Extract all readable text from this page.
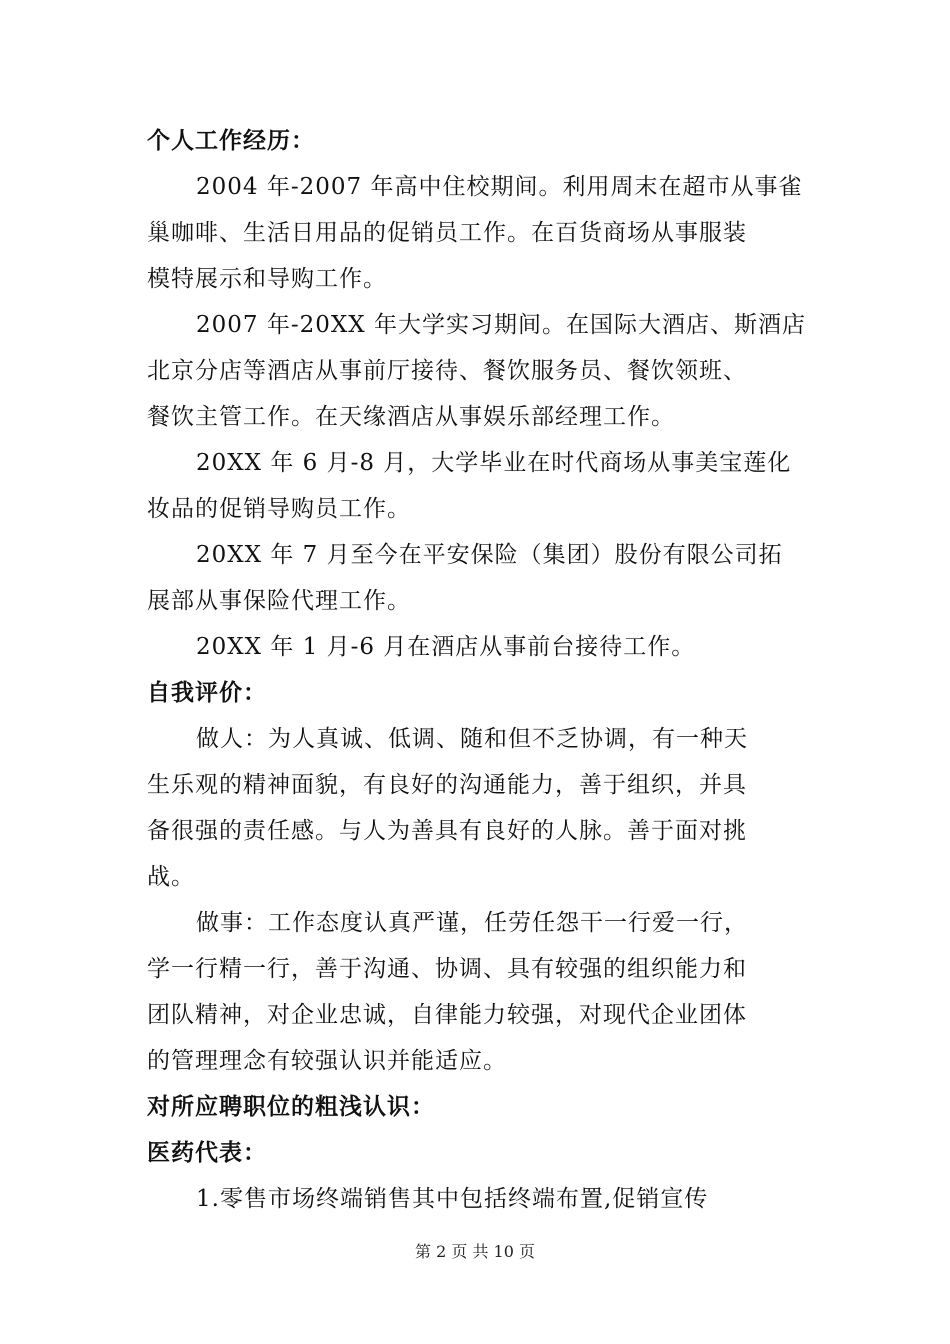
个人工作经历：
2004 年-2007 年高中住校期间。利用周末在超市从事雀
巢咖啡、生活日用品的促销员工作。在百货商场从事服装
模特展示和导购工作。
2007 年-20XX 年大学实习期间。在国际大酒店、斯酒店
北京分店等酒店从事前厅接待、餐饮服务员、餐饮领班、
餐饮主管工作。在天缘酒店从事娱乐部经理工作。
20XX 年 6 月-8 月，大学毕业在时代商场从事美宝莲化
妆品的促销导购员工作。
20XX 年 7 月至今在平安保险（集团）股份有限公司拓
展部从事保险代理工作。
20XX 年 1 月-6 月在酒店从事前台接待工作。
自我评价：
做人：为人真诚、低调、随和但不乏协调，有一种天
生乐观的精神面貌，有良好的沟通能力，善于组织，并具
备很强的责任感。与人为善具有良好的人脉。善于面对挑
战。
做事：工作态度认真严谨，任劳任怨干一行爱一行，
学一行精一行，善于沟通、协调、具有较强的组织能力和
团队精神，对企业忠诚，自律能力较强，对现代企业团体
的管理理念有较强认识并能适应。
对所应聘职位的粗浅认识：
医药代表：
1.零售市场终端销售其中包括终端布置,促销宣传
第 2 页 共 10 页
